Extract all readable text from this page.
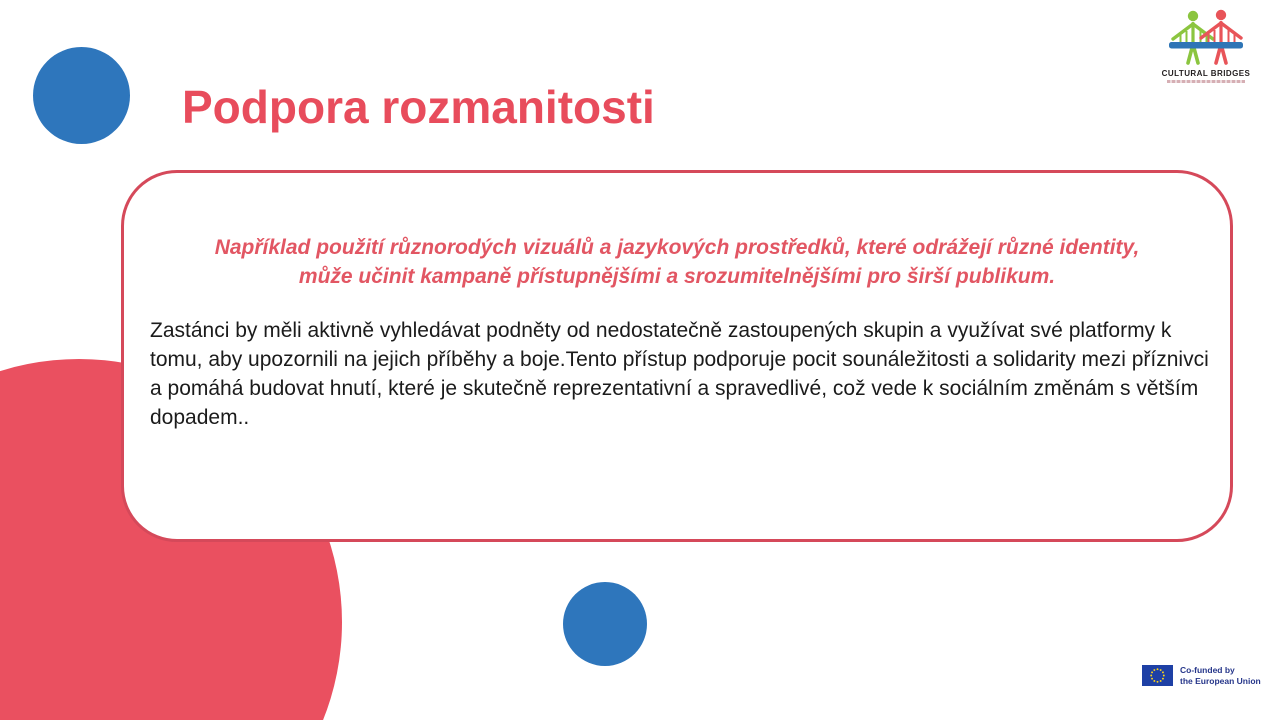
Podpora rozmanitosti
CULTURAL BRIDGES

Například použití různorodých vizuálů a jazykových prostředků, které odrážejí různé identity, může učinit kampaně přístupnějšími a srozumitelnějšími pro širší publikum.

Zastánci by měli aktivně vyhledávat podněty od nedostatečně zastoupených skupin a využívat své platformy k tomu, aby upozornili na jejich příběhy a boje.Tento přístup podporuje pocit sounáležitosti a solidarity mezi příznivci a pomáhá budovat hnutí, které je skutečně reprezentativní a spravedlivé, což vede k sociálním změnám s větším dopadem..

Co-funded by
the European Union
